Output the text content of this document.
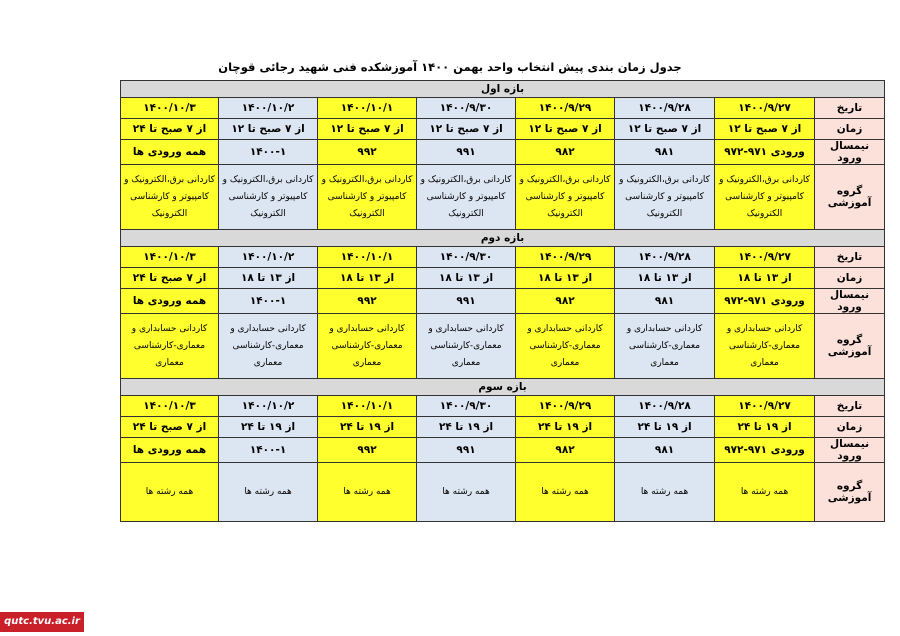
جدول زمان بندی پیش انتخاب واحد بهمن ۱۴۰۰ آموزشکده فنی شهید رجائی قوچان
بازه اول							
تاریخ	۱۴۰۰/۹/۲۷	۱۴۰۰/۹/۲۸	۱۴۰۰/۹/۲۹	۱۴۰۰/۹/۳۰	۱۴۰۰/۱۰/۱	۱۴۰۰/۱۰/۲	۱۴۰۰/۱۰/۳
زمان	از ۷ صبح تا ۱۲	از ۷ صبح تا ۱۲	از ۷ صبح تا ۱۲	از ۷ صبح تا ۱۲	از ۷ صبح تا ۱۲	از ۷ صبح تا ۱۲	از ۷ صبح تا ۲۴
نیمسال ورود	ورودی ۹۷۱-۹۷۲	۹۸۱	۹۸۲	۹۹۱	۹۹۲	۱۴۰۰-۱	همه ورودی ها
گروه آموزشی	کاردانی برق،الکترونیک و کامپیوتر و کارشناسی الکترونیک	کاردانی برق،الکترونیک و کامپیوتر و کارشناسی الکترونیک	کاردانی برق،الکترونیک و کامپیوتر و کارشناسی الکترونیک	کاردانی برق،الکترونیک و کامپیوتر و کارشناسی الکترونیک	کاردانی برق،الکترونیک و کامپیوتر و کارشناسی الکترونیک	کاردانی برق،الکترونیک و کامپیوتر و کارشناسی الکترونیک	کاردانی برق،الکترونیک و کامپیوتر و کارشناسی الکترونیک
بازه دوم							
تاریخ	۱۴۰۰/۹/۲۷	۱۴۰۰/۹/۲۸	۱۴۰۰/۹/۲۹	۱۴۰۰/۹/۳۰	۱۴۰۰/۱۰/۱	۱۴۰۰/۱۰/۲	۱۴۰۰/۱۰/۳
زمان	از ۱۳ تا ۱۸	از ۱۳ تا ۱۸	از ۱۳ تا ۱۸	از ۱۳ تا ۱۸	از ۱۳ تا ۱۸	از ۱۳ تا ۱۸	از ۷ صبح تا ۲۴
نیمسال ورود	ورودی ۹۷۱-۹۷۲	۹۸۱	۹۸۲	۹۹۱	۹۹۲	۱۴۰۰-۱	همه ورودی ها
گروه آموزشی	کاردانی حسابداری و معماری-کارشناسی معماری	کاردانی حسابداری و معماری-کارشناسی معماری	کاردانی حسابداری و معماری-کارشناسی معماری	کاردانی حسابداری و معماری-کارشناسی معماری	کاردانی حسابداری و معماری-کارشناسی معماری	کاردانی حسابداری و معماری-کارشناسی معماری	کاردانی حسابداری و معماری-کارشناسی معماری
بازه سوم							
تاریخ	۱۴۰۰/۹/۲۷	۱۴۰۰/۹/۲۸	۱۴۰۰/۹/۲۹	۱۴۰۰/۹/۳۰	۱۴۰۰/۱۰/۱	۱۴۰۰/۱۰/۲	۱۴۰۰/۱۰/۳
زمان	از ۱۹ تا ۲۴	از ۱۹ تا ۲۴	از ۱۹ تا ۲۴	از ۱۹ تا ۲۴	از ۱۹ تا ۲۴	از ۱۹ تا ۲۴	از ۷ صبح تا ۲۴
نیمسال ورود	ورودی ۹۷۱-۹۷۲	۹۸۱	۹۸۲	۹۹۱	۹۹۲	۱۴۰۰-۱	همه ورودی ها
گروه آموزشی	همه رشته ها	همه رشته ها	همه رشته ها	همه رشته ها	همه رشته ها	همه رشته ها	همه رشته ها
qutc.tvu.ac.ir
